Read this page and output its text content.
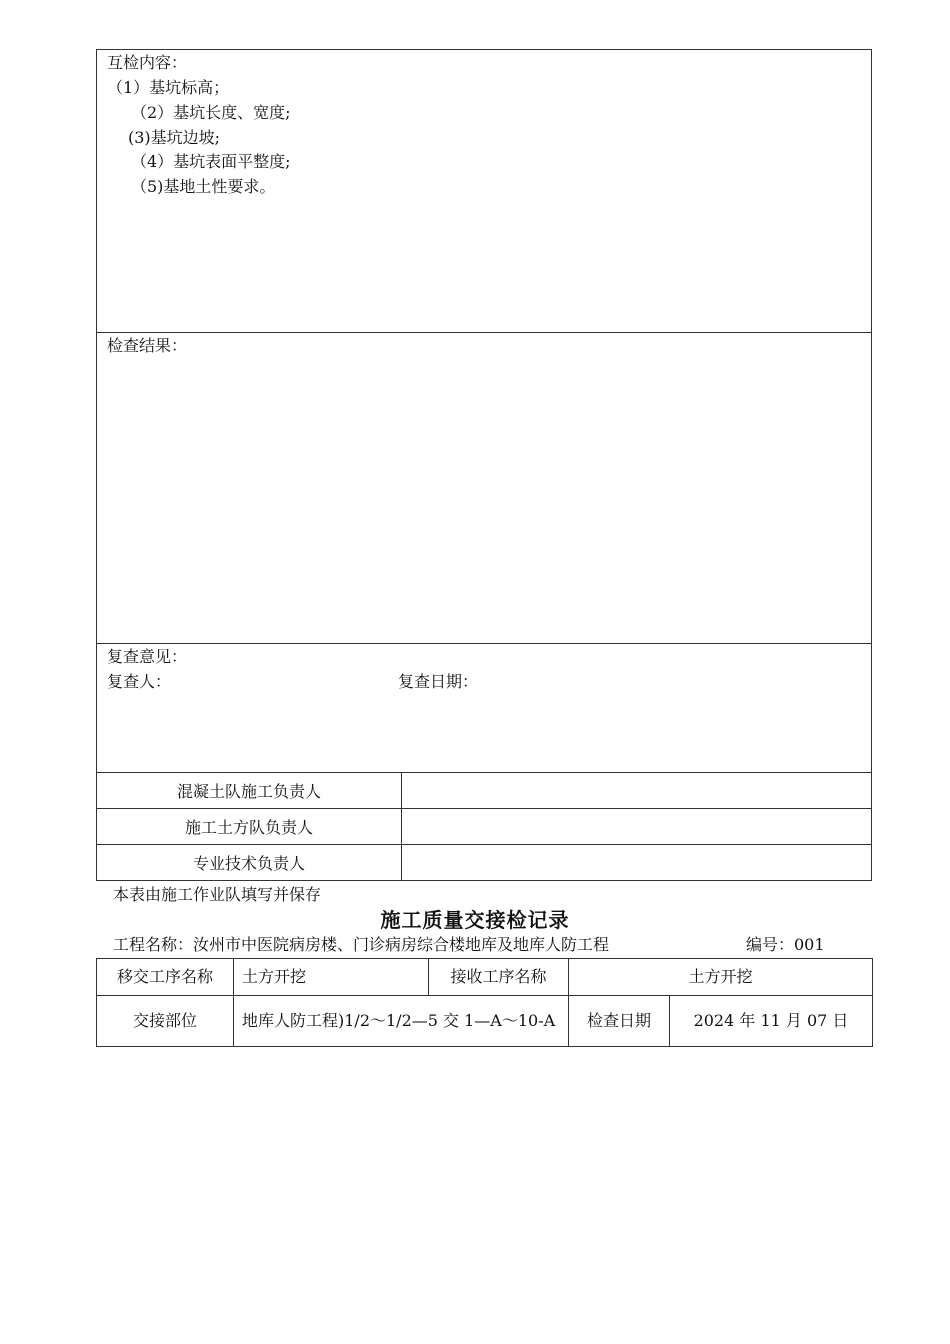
互检内容：
（1）基坑标高；
（2）基坑长度、宽度;
(3)基坑边坡;
（4）基坑表面平整度;
（5)基地土性要求。
检查结果：
复查意见：
复查人：	复查日期：
混凝土队施工负责人	
施工土方队负责人	
专业技术负责人	
本表由施工作业队填写并保存
施工质量交接检记录
工程名称：汝州市中医院病房楼、门诊病房综合楼地库及地库人防工程	编号：001
移交工序名称	土方开挖	接收工序名称	土方开挖	
交接部位	地库人防工程)1/2～1/2—5 交 1—A～10-A		检查日期	2024 年 11 月 07 日
